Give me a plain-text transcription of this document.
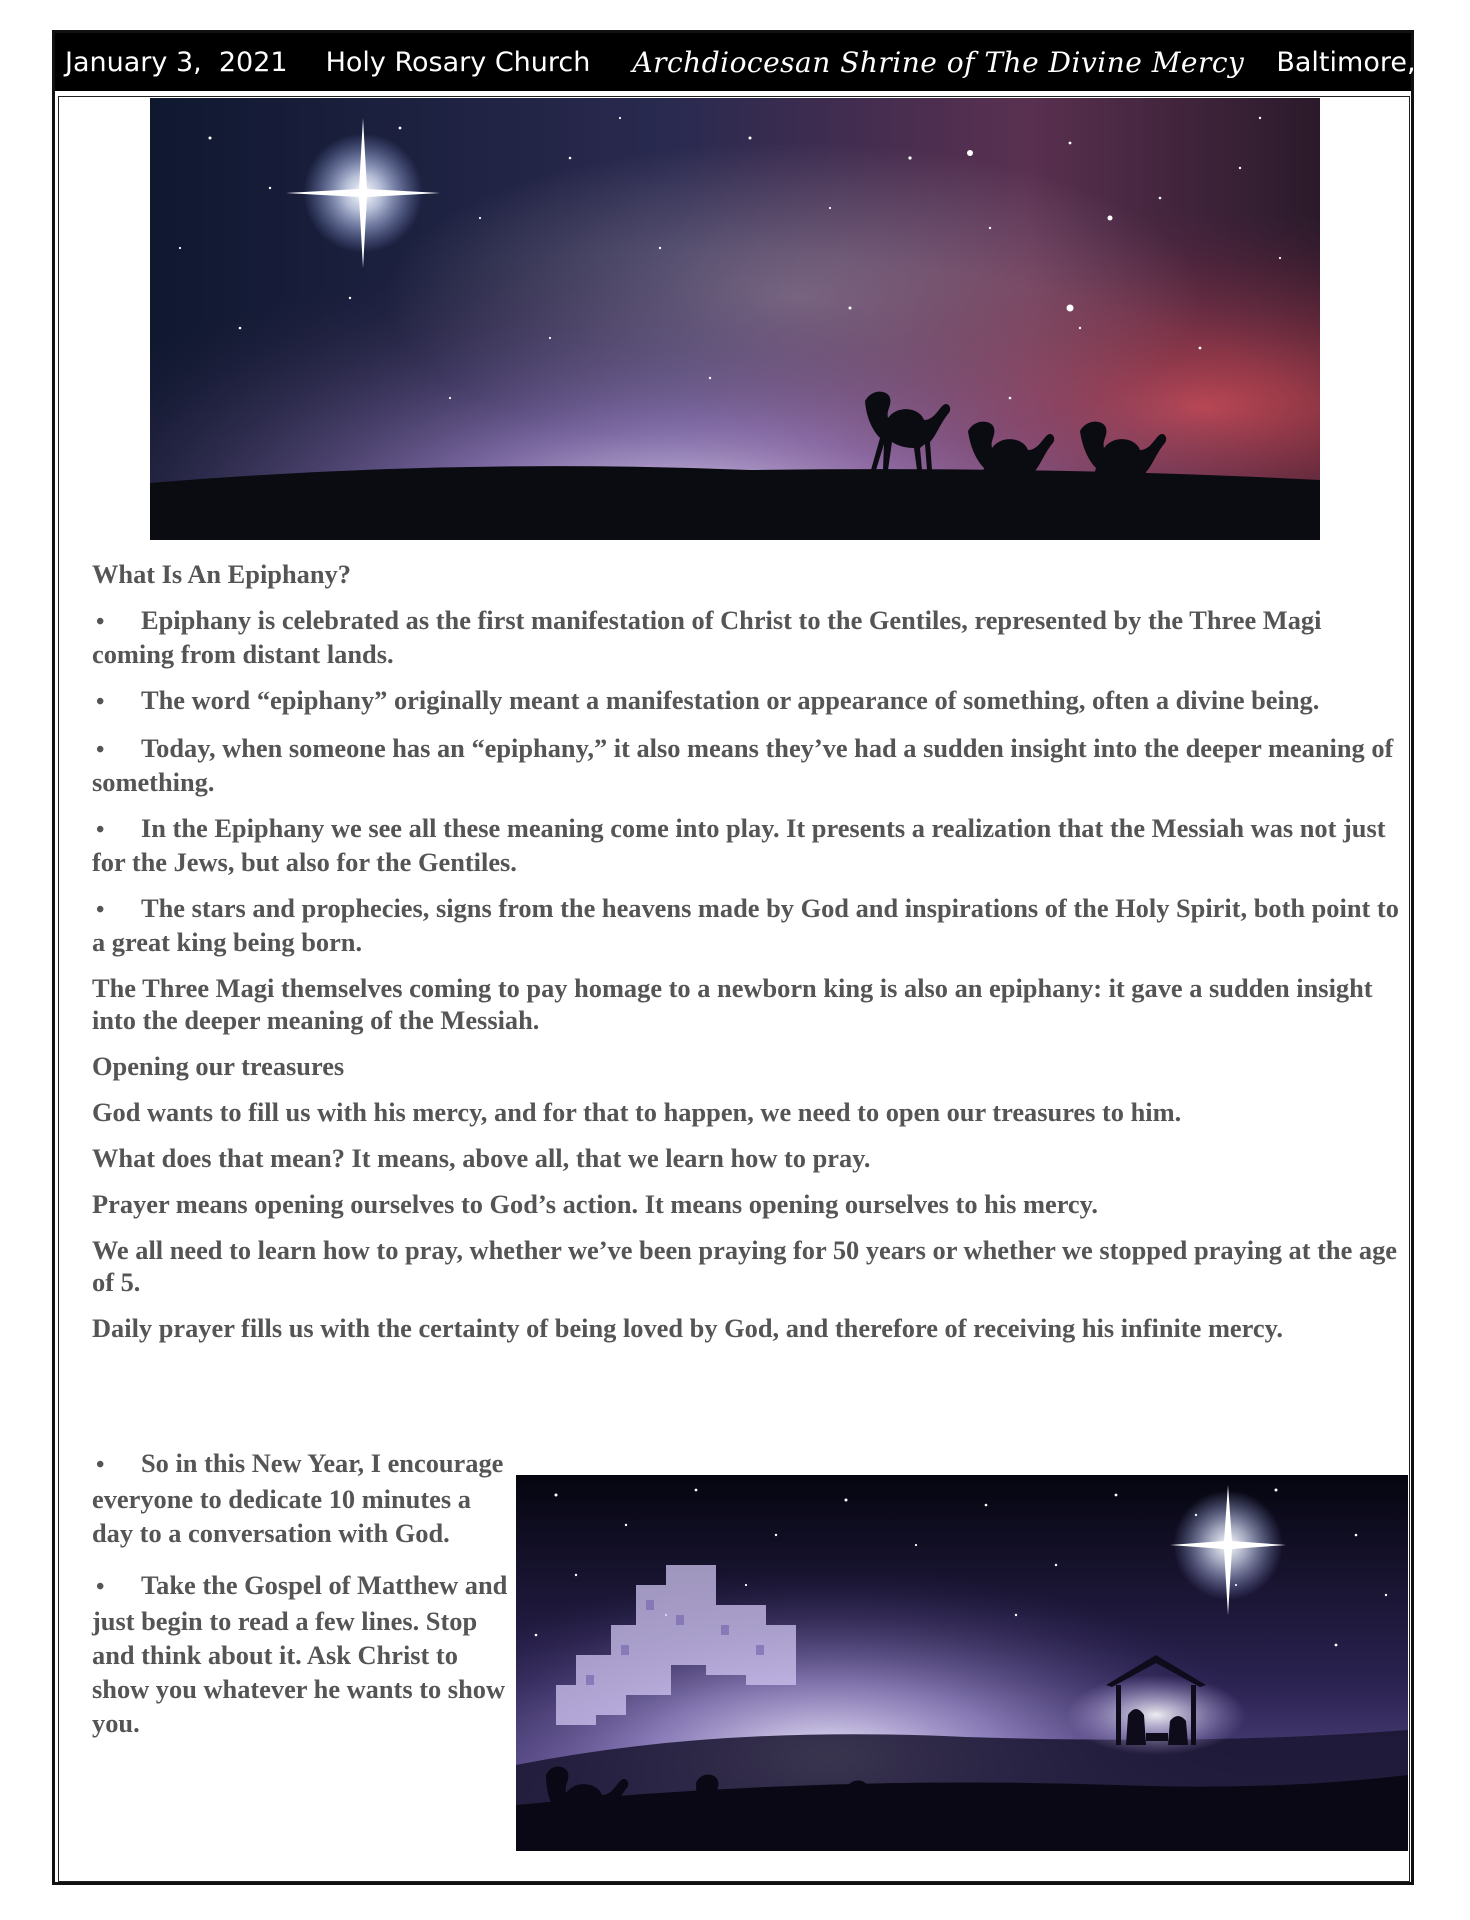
January 3,  2021 Holy Rosary Church Archdiocesan Shrine of The Divine Mercy Baltimore, MD

What Is An Epiphany?

• Epiphany is celebrated as the first manifestation of Christ to the Gentiles, represented by the Three Magi coming from distant lands.

• The word “epiphany” originally meant a manifestation or appearance of something, often a divine being.

• Today, when someone has an “epiphany,” it also means they’ve had a sudden insight into the deeper meaning of something.

• In the Epiphany we see all these meaning come into play. It presents a realization that the Messiah was not just for the Jews, but also for the Gentiles.

• The stars and prophecies, signs from the heavens made by God and inspirations of the Holy Spirit, both point to a great king being born.

The Three Magi themselves coming to pay homage to a newborn king is also an epiphany: it gave a sudden insight into the deeper meaning of the Messiah.

Opening our treasures

God wants to fill us with his mercy, and for that to happen, we need to open our treasures to him.

What does that mean? It means, above all, that we learn how to pray.

Prayer means opening ourselves to God’s action. It means opening ourselves to his mercy.

We all need to learn how to pray, whether we’ve been praying for 50 years or whether we stopped praying at the age of 5.

Daily prayer fills us with the certainty of being loved by God, and therefore of receiving his infinite mercy.

• So in this New Year, I encourage everyone to dedicate 10 minutes a day to a conversation with God.

• Take the Gospel of Matthew and just begin to read a few lines. Stop and think about it. Ask Christ to show you whatever he wants to show you.
